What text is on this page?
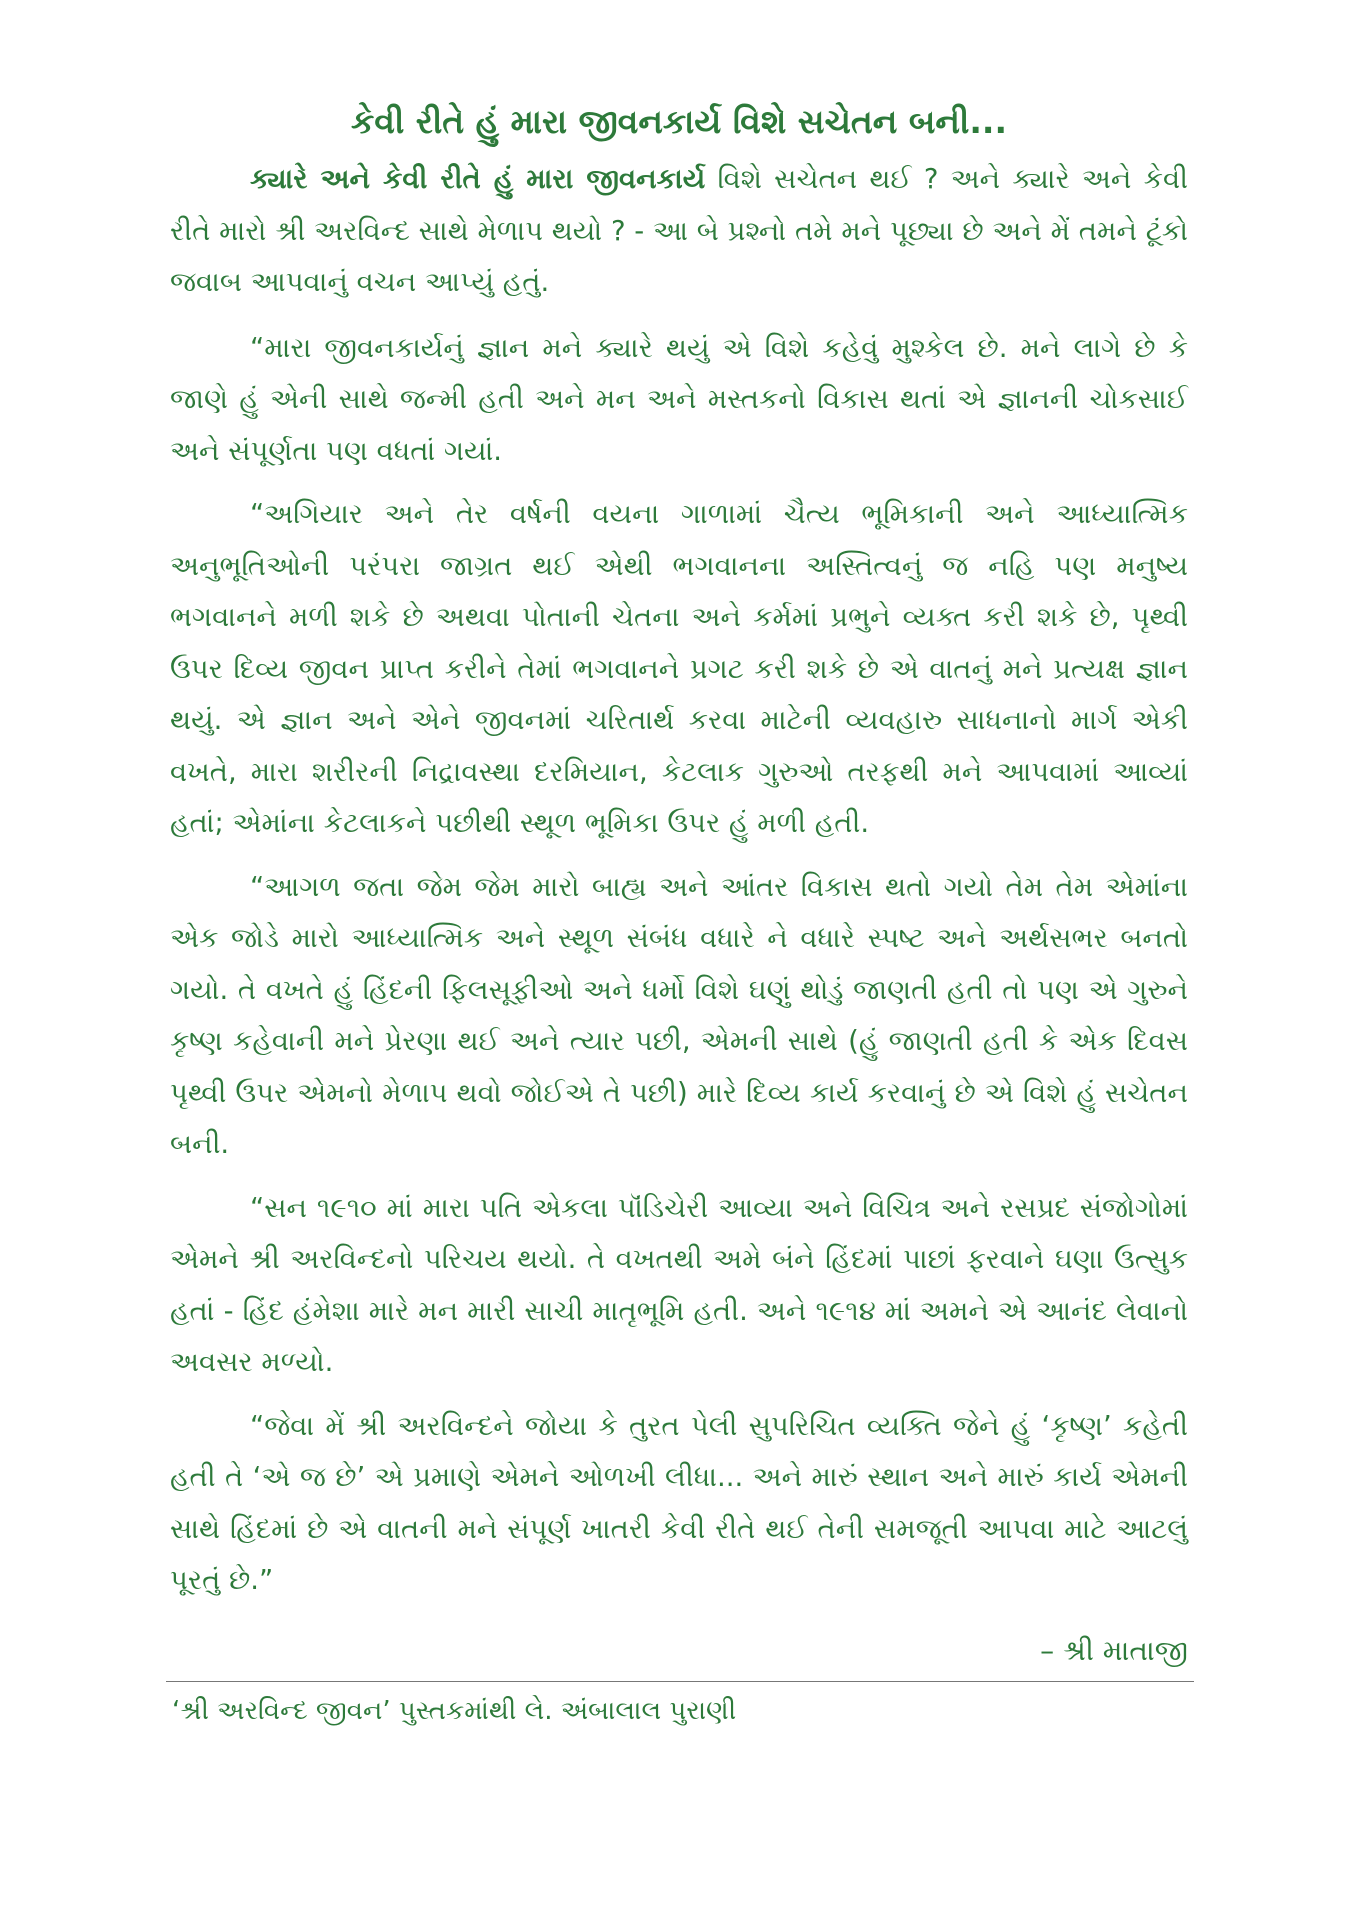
કેવી રીતે હું મારા જીવનકાર્ય વિશે સચેતન બની...

ક્યારે અને કેવી રીતે હું મારા જીવનકાર્ય વિશે સચેતન થઈ ? અને ક્યારે અને કેવી રીતે મારો શ્રી અરવિન્દ સાથે મેળાપ થયો ? - આ બે પ્રશ્નો તમે મને પૂછ્યા છે અને મેં તમને ટૂંકો જવાબ આપવાનું વચન આપ્યું હતું.

“મારા જીવનકાર્યનું જ્ઞાન મને ક્યારે થયું એ વિશે કહેવું મુશ્કેલ છે. મને લાગે છે કે જાણે હું એની સાથે જન્મી હતી અને મન અને મસ્તકનો વિકાસ થતાં એ જ્ઞાનની ચોકસાઈ અને સંપૂર્ણતા પણ વધતાં ગયાં.

“અગિયાર અને તેર વર્ષની વયના ગાળામાં ચૈત્ય ભૂમિકાની અને આધ્યાત્મિક અનુભૂતિઓની પરંપરા જાગ્રત થઈ એથી ભગવાનના અસ્તિત્વનું જ નહિ પણ મનુષ્ય ભગવાનને મળી શકે છે અથવા પોતાની ચેતના અને કર્મમાં પ્રભુને વ્યક્ત કરી શકે છે, પૃથ્વી ઉપર દિવ્ય જીવન પ્રાપ્ત કરીને તેમાં ભગવાનને પ્રગટ કરી શકે છે એ વાતનું મને પ્રત્યક્ષ જ્ઞાન થયું. એ જ્ઞાન અને એને જીવનમાં ચરિતાર્થ કરવા માટેની વ્યવહારુ સાધનાનો માર્ગ એકી વખતે, મારા શરીરની નિદ્રાવસ્થા દરમિયાન, કેટલાક ગુરુઓ તરફથી મને આપવામાં આવ્યાં હતાં; એમાંના કેટલાકને પછીથી સ્થૂળ ભૂમિકા ઉપર હું મળી હતી.

“આગળ જતા જેમ જેમ મારો બાહ્ય અને આંતર વિકાસ થતો ગયો તેમ તેમ એમાંના એક જોડે મારો આધ્યાત્મિક અને સ્થૂળ સંબંધ વધારે ને વધારે સ્પષ્ટ અને અર્થસભર બનતો ગયો. તે વખતે હું હિંદની ફિલસૂફીઓ અને ધર્મો વિશે ઘણું થોડું જાણતી હતી તો પણ એ ગુરુને કૃષ્ણ કહેવાની મને પ્રેરણા થઈ અને ત્યાર પછી, એમની સાથે (હું જાણતી હતી કે એક દિવસ પૃથ્વી ઉપર એમનો મેળાપ થવો જોઈએ તે પછી) મારે દિવ્ય કાર્ય કરવાનું છે એ વિશે હું સચેતન બની.

“સન ૧૯૧૦ માં મારા પતિ એકલા પૉંડિચેરી આવ્યા અને વિચિત્ર અને રસપ્રદ સંજોગોમાં એમને શ્રી અરવિન્દનો પરિચય થયો. તે વખતથી અમે બંને હિંદમાં પાછાં ફરવાને ઘણા ઉત્સુક હતાં - હિંદ હંમેશા મારે મન મારી સાચી માતૃભૂમિ હતી. અને ૧૯૧૪ માં અમને એ આનંદ લેવાનો અવસર મળ્યો.

“જેવા મેં શ્રી અરવિન્દને જોયા કે તુરત પેલી સુપરિચિત વ્યક્તિ જેને હું ‘કૃષ્ણ’ કહેતી હતી તે ‘એ જ છે’ એ પ્રમાણે એમને ઓળખી લીધા... અને મારું સ્થાન અને મારું કાર્ય એમની સાથે હિંદમાં છે એ વાતની મને સંપૂર્ણ ખાતરી કેવી રીતે થઈ તેની સમજૂતી આપવા માટે આટલું પૂરતું છે.”

– શ્રી માતાજી
‘શ્રી અરવિન્દ જીવન’ પુસ્તકમાંથી લે. અંબાલાલ પુરાણી
